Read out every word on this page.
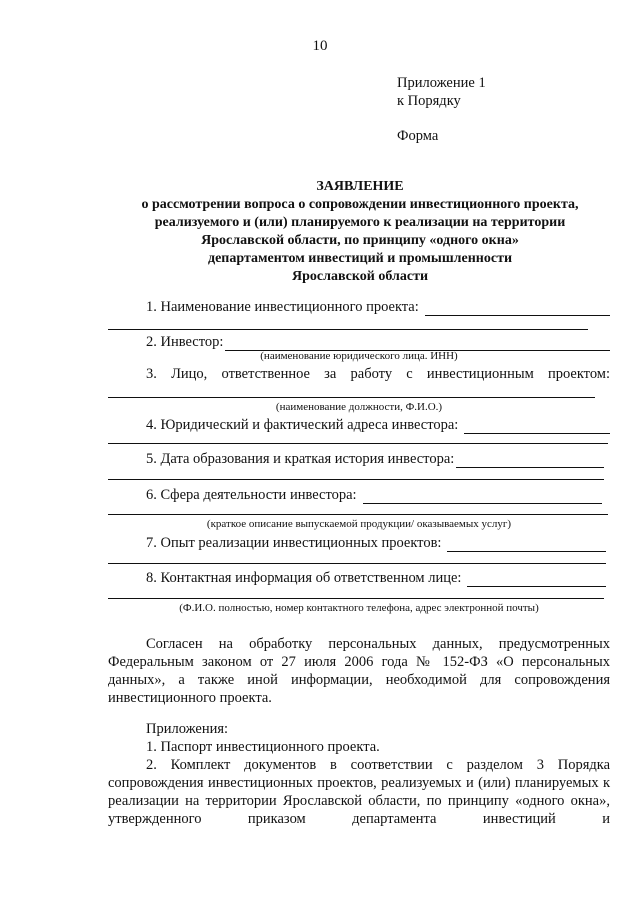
10
Приложение 1
к Порядку
Форма
ЗАЯВЛЕНИЕ
о рассмотрении вопроса о сопровождении инвестиционного проекта,
реализуемого и (или) планируемого к реализации на территории
Ярославской области, по принципу «одного окна»
департаментом инвестиций и промышленности
Ярославской области
1. Наименование инвестиционного проекта:
2. Инвестор:
(наименование юридического лица. ИНН)
3. Лицо, ответственное за работу с инвестиционным проектом:
(наименование должности, Ф.И.О.)
4. Юридический и фактический адреса инвестора:
5. Дата образования и краткая история инвестора:
6. Сфера деятельности инвестора:
(краткое описание выпускаемой продукции/ оказываемых услуг)
7. Опыт реализации инвестиционных проектов:
8. Контактная информация об ответственном лице:
(Ф.И.О. полностью, номер контактного телефона, адрес электронной почты)

Согласен на обработку персональных данных, предусмотренных Федеральным законом от 27 июля 2006 года № 152-ФЗ «О персональных данных», а также иной информации, необходимой для сопровождения инвестиционного проекта.

Приложения:

1. Паспорт инвестиционного проекта.

2. Комплект документов в соответствии с разделом 3 Порядка сопровождения инвестиционных проектов, реализуемых и (или) планируемых к реализации на территории Ярославской области, по принципу «одного окна», утвержденного приказом департамента инвестиций и
